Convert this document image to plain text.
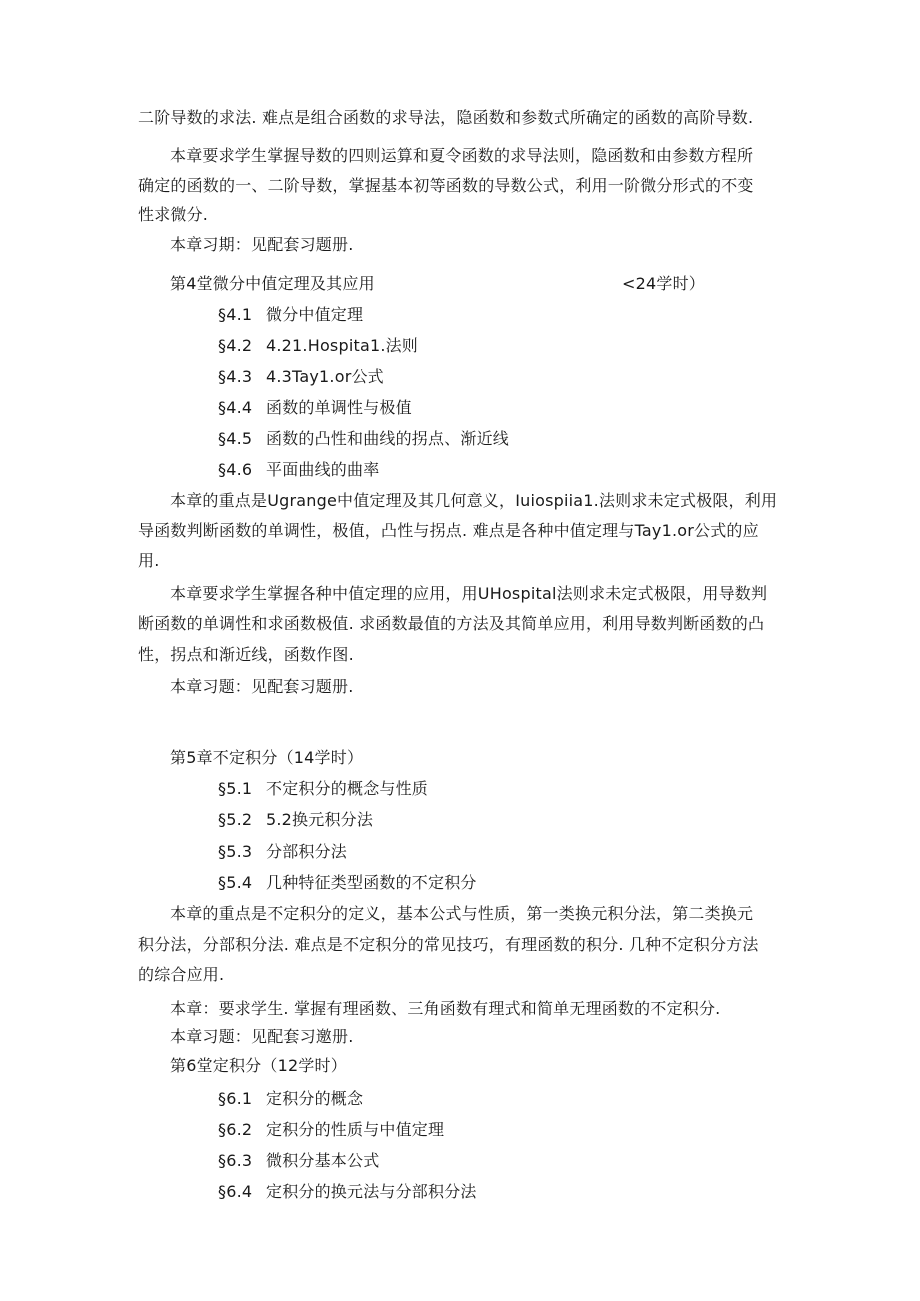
二阶导数的求法. 难点是组合函数的求导法，隐函数和参数式所确定的函数的高阶导数.
本章要求学生掌握导数的四则运算和夏令函数的求导法则，隐函数和由参数方程所
确定的函数的一、二阶导数，掌握基本初等函数的导数公式，利用一阶微分形式的不变
性求微分.
本章习期：见配套习题册.
第4堂微分中值定理及其应用	<24学时）
§4.1 微分中值定理
§4.2 4.21.Hospita1.法则
§4.3 4.3Tay1.or公式
§4.4 函数的单调性与极值
§4.5 函数的凸性和曲线的拐点、渐近线
§4.6 平面曲线的曲率
本章的重点是Ugrange中值定理及其几何意义，Iuiospiia1.法则求未定式极限，利用
导函数判断函数的单调性，极值，凸性与拐点. 难点是各种中值定理与Tay1.or公式的应
用.
本章要求学生掌握各种中值定理的应用，用UHospital法则求未定式极限，用导数判
断函数的单调性和求函数极值. 求函数最值的方法及其简单应用，利用导数判断函数的凸
性，拐点和渐近线，函数作图.
本章习题：见配套习题册.
第5章不定积分（14学时）
§5.1 不定积分的概念与性质
§5.2 5.2换元积分法
§5.3 分部积分法
§5.4 几种特征类型函数的不定积分
本章的重点是不定积分的定义，基本公式与性质，第一类换元积分法，第二类换元
积分法，分部积分法. 难点是不定积分的常见技巧，有理函数的积分. 几种不定积分方法
的综合应用.
本章：要求学生. 掌握有理函数、三角函数有理式和简单无理函数的不定积分.
本章习题：见配套习邀册.
第6堂定积分（12学时）
§6.1 定积分的概念
§6.2 定积分的性质与中值定理
§6.3 微积分基本公式
§6.4 定积分的换元法与分部积分法
